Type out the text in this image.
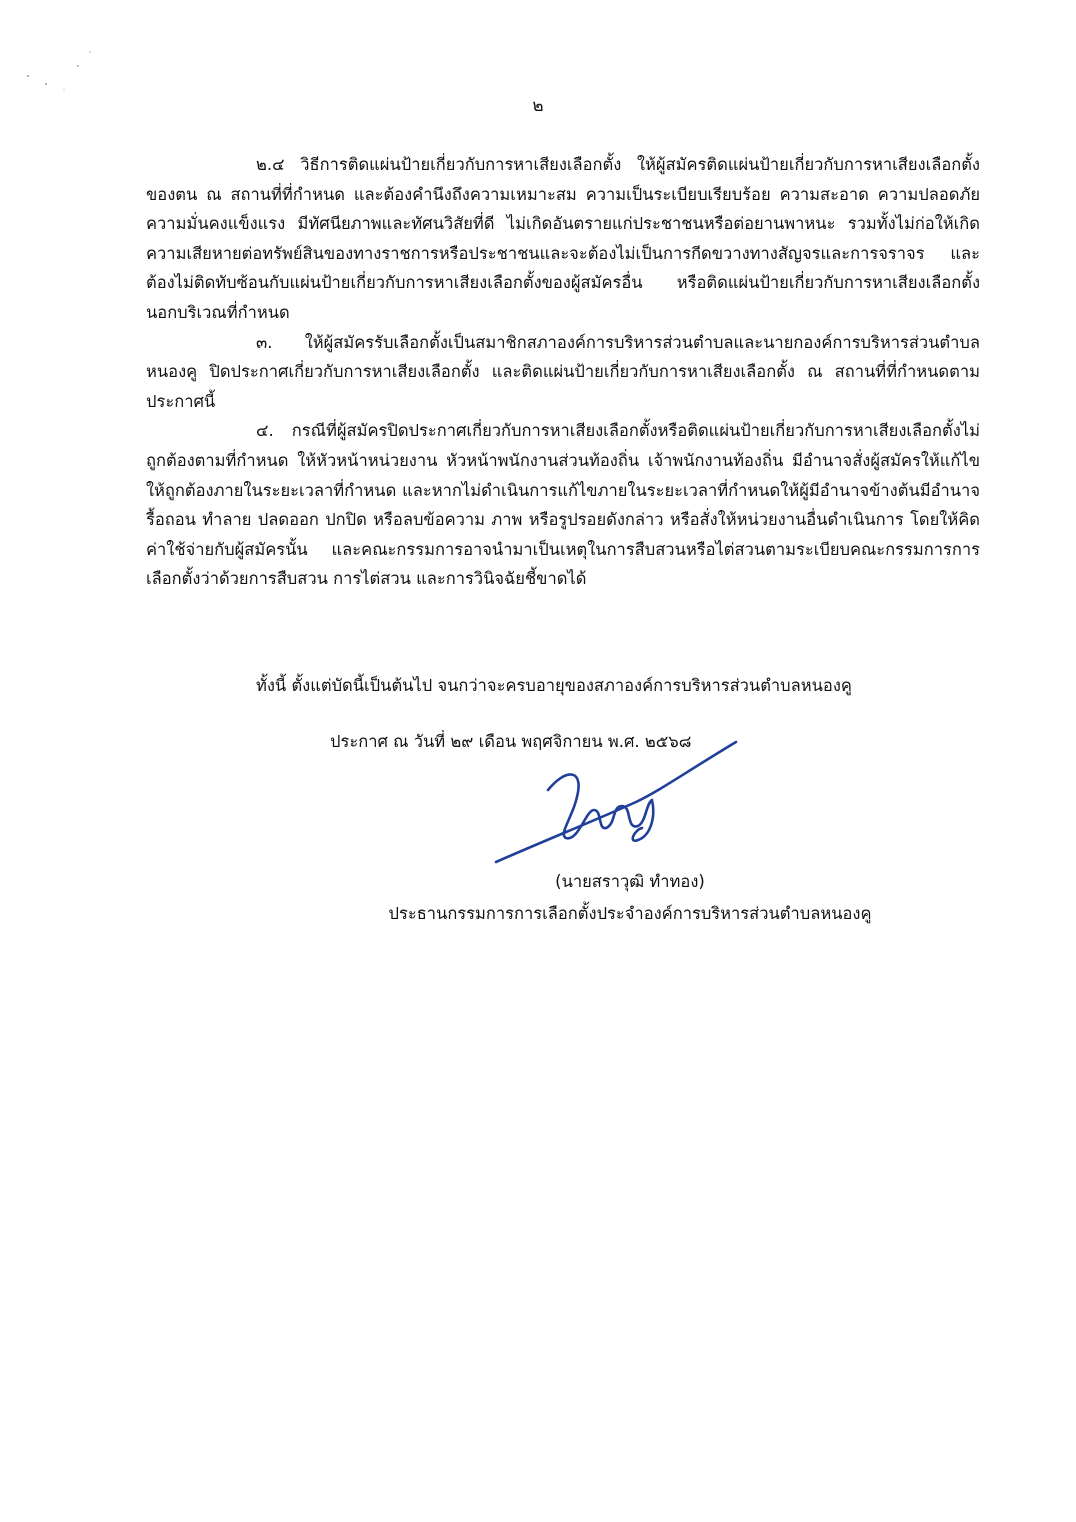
๒

๒.๔ วิธีการติดแผ่นป้ายเกี่ยวกับการหาเสียงเลือกตั้ง ให้ผู้สมัครติดแผ่นป้ายเกี่ยวกับการหาเสียงเลือกตั้งของตน ณ สถานที่ที่กำหนด และต้องคำนึงถึงความเหมาะสม ความเป็นระเบียบเรียบร้อย ความสะอาด ความปลอดภัย ความมั่นคงแข็งแรง มีทัศนียภาพและทัศนวิสัยที่ดี ไม่เกิดอันตรายแก่ประชาชนหรือต่อยานพาหนะ รวมทั้งไม่ก่อให้เกิดความเสียหายต่อทรัพย์สินของทางราชการหรือประชาชนและจะต้องไม่เป็นการกีดขวางทางสัญจรและการจราจร และต้องไม่ติดทับซ้อนกับแผ่นป้ายเกี่ยวกับการหาเสียงเลือกตั้งของผู้สมัครอื่น หรือติดแผ่นป้ายเกี่ยวกับการหาเสียงเลือกตั้งนอกบริเวณที่กำหนด

๓. ให้ผู้สมัครรับเลือกตั้งเป็นสมาชิกสภาองค์การบริหารส่วนตำบลและนายกองค์การบริหารส่วนตำบลหนองคู ปิดประกาศเกี่ยวกับการหาเสียงเลือกตั้ง และติดแผ่นป้ายเกี่ยวกับการหาเสียงเลือกตั้ง ณ สถานที่ที่กำหนดตามประกาศนี้

๔. กรณีที่ผู้สมัครปิดประกาศเกี่ยวกับการหาเสียงเลือกตั้งหรือติดแผ่นป้ายเกี่ยวกับการหาเสียงเลือกตั้งไม่ถูกต้องตามที่กำหนด ให้หัวหน้าหน่วยงาน หัวหน้าพนักงานส่วนท้องถิ่น เจ้าพนักงานท้องถิ่น มีอำนาจสั่งผู้สมัครให้แก้ไขให้ถูกต้องภายในระยะเวลาที่กำหนด และหากไม่ดำเนินการแก้ไขภายในระยะเวลาที่กำหนดให้ผู้มีอำนาจข้างต้นมีอำนาจรื้อถอน ทำลาย ปลดออก ปกปิด หรือลบข้อความ ภาพ หรือรูปรอยดังกล่าว หรือสั่งให้หน่วยงานอื่นดำเนินการ โดยให้คิดค่าใช้จ่ายกับผู้สมัครนั้น และคณะกรรมการอาจนำมาเป็นเหตุในการสืบสวนหรือไต่สวนตามระเบียบคณะกรรมการการเลือกตั้งว่าด้วยการสืบสวน การไต่สวน และการวินิจฉัยชี้ขาดได้

ทั้งนี้ ตั้งแต่บัดนี้เป็นต้นไป จนกว่าจะครบอายุของสภาองค์การบริหารส่วนตำบลหนองคู
ประกาศ ณ วันที่ ๒๙ เดือน พฤศจิกายน พ.ศ. ๒๕๖๘
(นายสราวุฒิ ทำทอง)
ประธานกรรมการการเลือกตั้งประจำองค์การบริหารส่วนตำบลหนองคู
